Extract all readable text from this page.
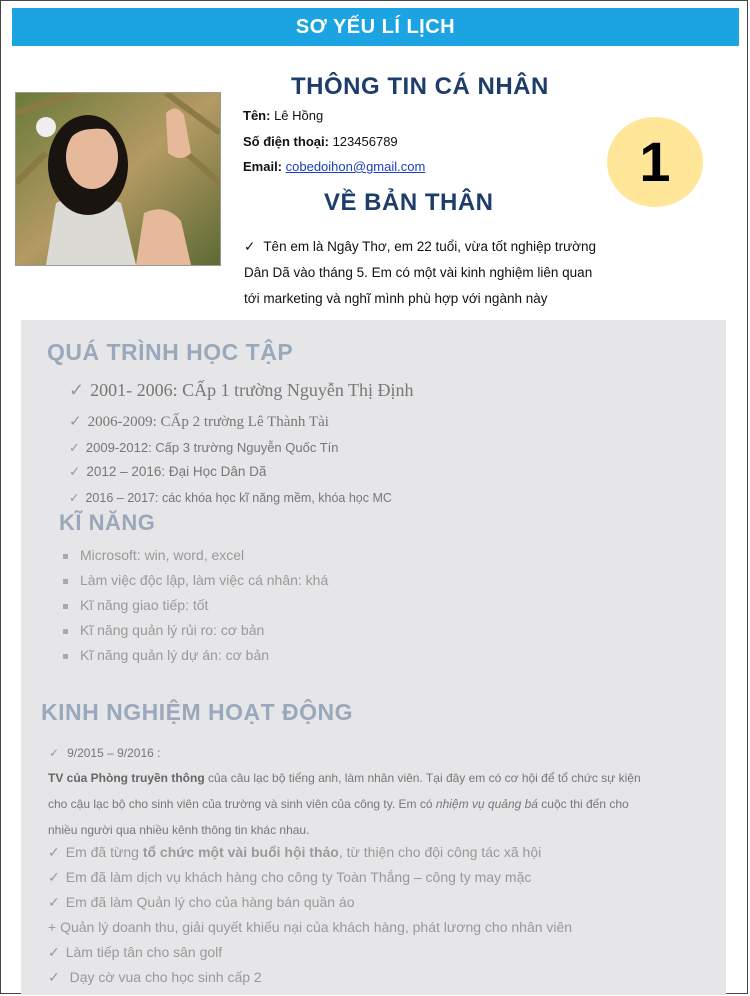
SƠ YẾU LÍ LỊCH
THÔNG TIN CÁ NHÂN
Tên: Lê Hồng
Số điện thoại: 123456789
Email: cobedoihon@gmail.com	1
VỀ BẢN THÂN
✓ Tên em là Ngây Thơ, em 22 tuổi, vừa tốt nghiệp trường
Dân Dã vào tháng 5. Em có một vài kinh nghiệm liên quan
tới marketing và nghĩ mình phù hợp với ngành này
QUÁ TRÌNH HỌC TẬP
✓ 2001- 2006: CẤp 1 trường Nguyễn Thị Định
✓ 2006-2009: CẤp 2 trường Lê Thành Tài
✓ 2009-2012: Cấp 3 trường Nguyễn Quốc Tín
✓ 2012 – 2016: Đại Học Dân Dã
✓ 2016 – 2017: các khóa học kĩ năng mềm, khóa học MC
KĨ NĂNG
Microsoft: win, word, excel
Làm việc độc lập, làm việc cá nhân: khá
Kĩ năng giao tiếp: tốt
Kĩ năng quản lý rủi ro: cơ bản
Kĩ năng quản lý dự án: cơ bản
KINH NGHIỆM HOẠT ĐỘNG
✓ 9/2015 – 9/2016 :
TV của Phòng truyền thông của câu lạc bộ tiếng anh, làm nhân viên. Tại đây em có cơ hội để tổ chức sự kiện
cho cậu lạc bộ cho sinh viên của trường và sinh viên của công ty. Em có nhiệm vụ quảng bá cuộc thi đến cho
nhiều người qua nhiều kênh thông tin khác nhau.
✓ Em đã từng tổ chức một vài buổi hội thảo, từ thiện cho đội công tác xã hội
✓ Em đã làm dịch vụ khách hàng cho công ty Toàn Thắng – công ty may mặc
✓ Em đã làm Quản lý cho của hàng bán quần áo
+ Quản lý doanh thu, giải quyết khiếu nại của khách hàng, phát lương cho nhân viên
✓ Làm tiếp tân cho sân golf
✓ Dạy cờ vua cho học sinh cấp 2
